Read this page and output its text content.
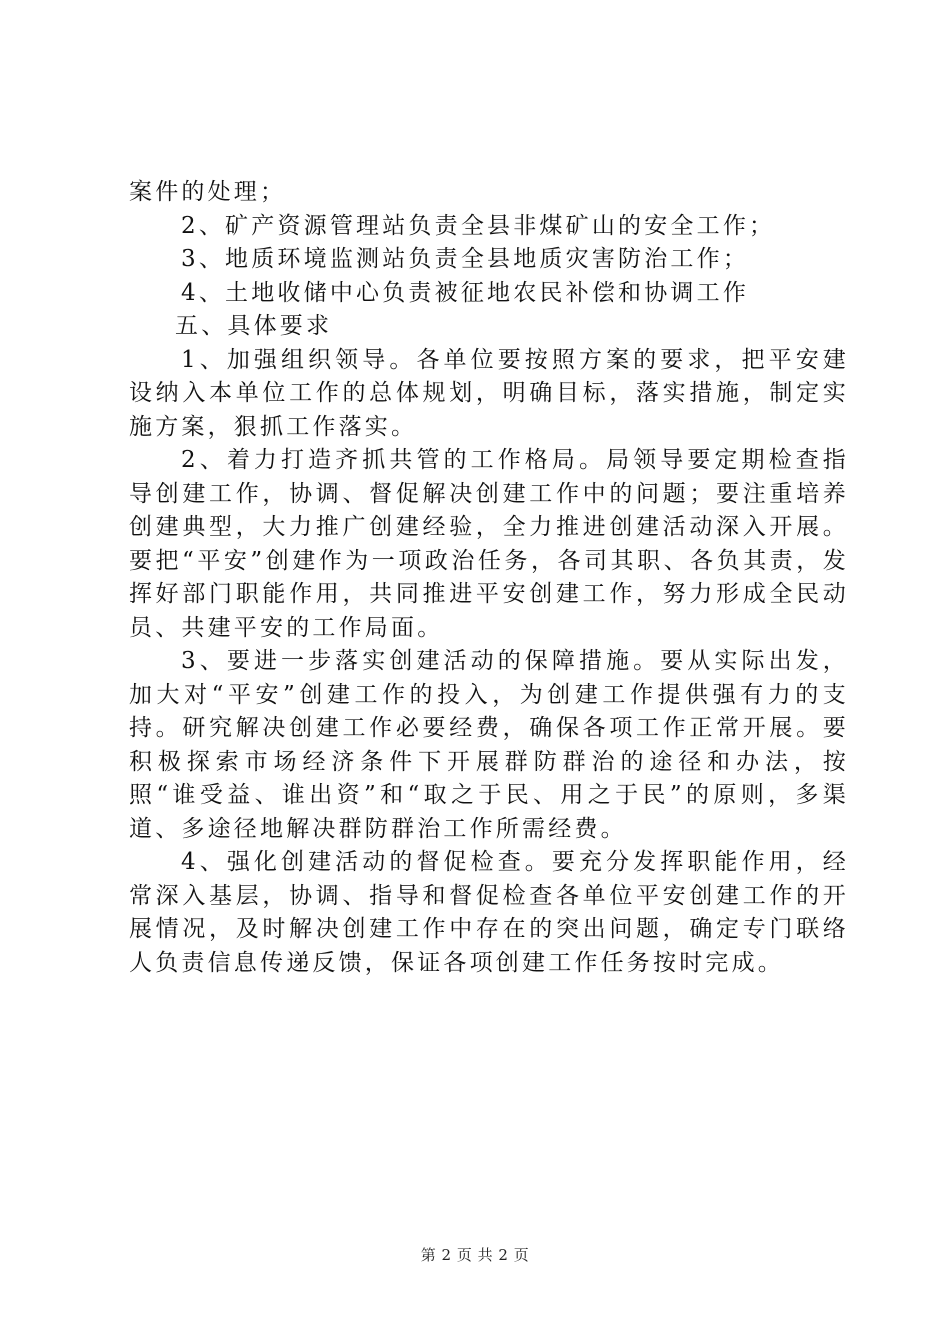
案件的处理；

2、矿产资源管理站负责全县非煤矿山的安全工作；

3、地质环境监测站负责全县地质灾害防治工作；

4、土地收储中心负责被征地农民补偿和协调工作

五、具体要求

1、加强组织领导。各单位要按照方案的要求，把平安建设纳入本单位工作的总体规划，明确目标，落实措施，制定实施方案，狠抓工作落实。

2、着力打造齐抓共管的工作格局。局领导要定期检查指导创建工作，协调、督促解决创建工作中的问题；要注重培养创建典型，大力推广创建经验，全力推进创建活动深入开展。要把“平安”创建作为一项政治任务，各司其职、各负其责，发挥好部门职能作用，共同推进平安创建工作，努力形成全民动员、共建平安的工作局面。

3、要进一步落实创建活动的保障措施。要从实际出发，加大对“平安”创建工作的投入，为创建工作提供强有力的支持。研究解决创建工作必要经费，确保各项工作正常开展。要积极探索市场经济条件下开展群防群治的途径和办法，按照“谁受益、谁出资”和“取之于民、用之于民”的原则，多渠道、多途径地解决群防群治工作所需经费。

4、强化创建活动的督促检查。要充分发挥职能作用，经常深入基层，协调、指导和督促检查各单位平安创建工作的开展情况，及时解决创建工作中存在的突出问题，确定专门联络人负责信息传递反馈，保证各项创建工作任务按时完成。

第 2 页 共 2 页
